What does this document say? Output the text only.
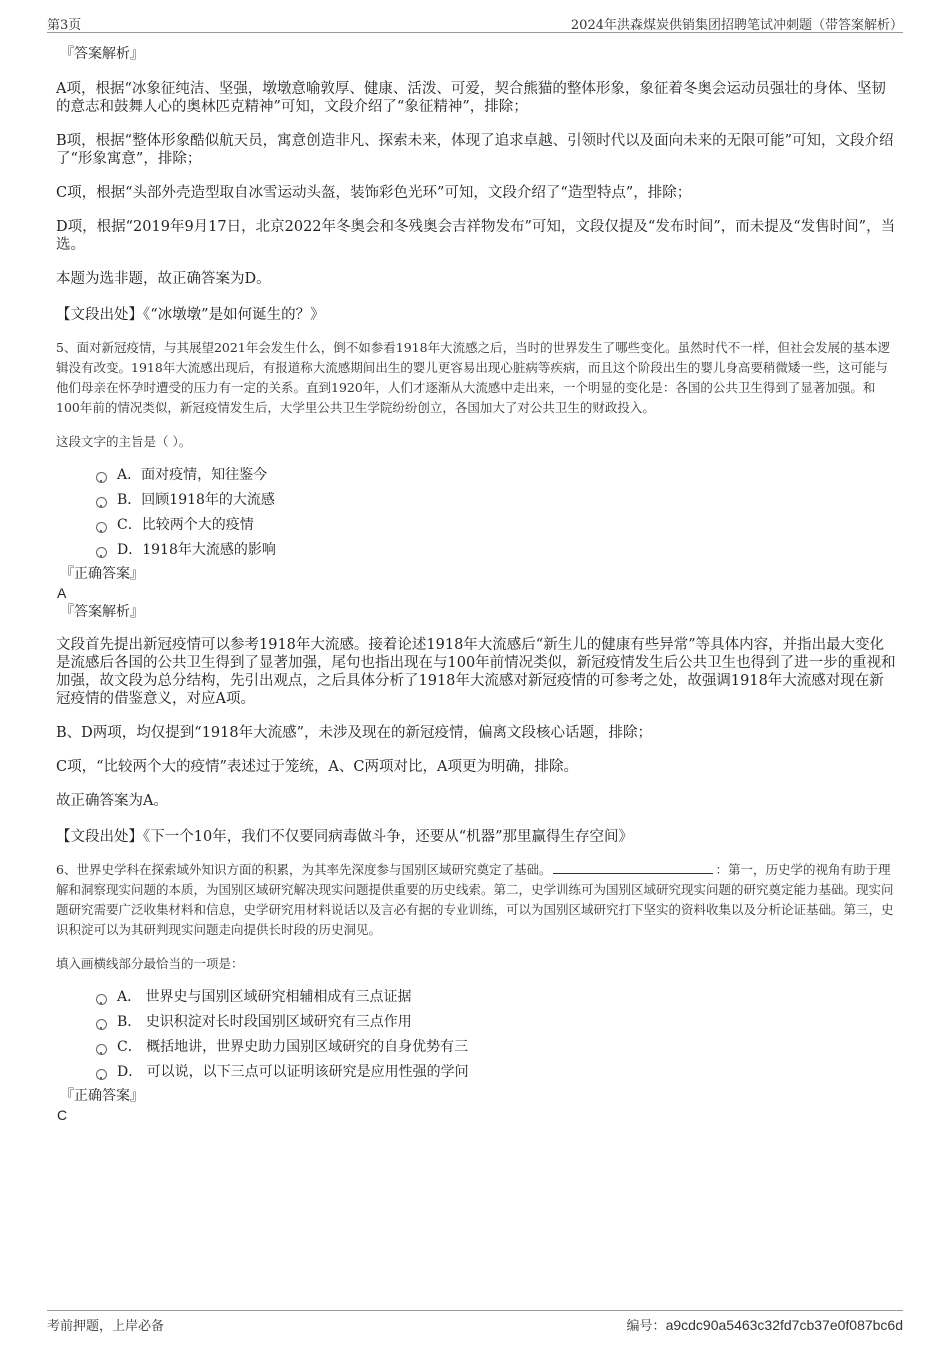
第3页	2024年洪森煤炭供销集团招聘笔试冲刺题（带答案解析）
『答案解析』

A项，根据“冰象征纯洁、坚强，墩墩意喻敦厚、健康、活泼、可爱，契合熊猫的整体形象，象征着冬奥会运动员强壮的身体、坚韧的意志和鼓舞人心的奥林匹克精神”可知，文段介绍了“象征精神”，排除；

B项，根据“整体形象酷似航天员，寓意创造非凡、探索未来，体现了追求卓越、引领时代以及面向未来的无限可能”可知，文段介绍了“形象寓意”，排除；

C项，根据“头部外壳造型取自冰雪运动头盔，装饰彩色光环”可知，文段介绍了“造型特点”，排除；

D项，根据“2019年9月17日，北京2022年冬奥会和冬残奥会吉祥物发布”可知，文段仅提及“发布时间”，而未提及“发售时间”，当选。

本题为选非题，故正确答案为D。

【文段出处】《“冰墩墩”是如何诞生的？》

5、面对新冠疫情，与其展望2021年会发生什么，倒不如参看1918年大流感之后，当时的世界发生了哪些变化。虽然时代不一样，但社会发展的基本逻辑没有改变。1918年大流感出现后，有报道称大流感期间出生的婴儿更容易出现心脏病等疾病，而且这个阶段出生的婴儿身高要稍微矮一些，这可能与他们母亲在怀孕时遭受的压力有一定的关系。直到1920年，人们才逐渐从大流感中走出来，一个明显的变化是：各国的公共卫生得到了显著加强。和100年前的情况类似，新冠疫情发生后，大学里公共卫生学院纷纷创立，各国加大了对公共卫生的财政投入。

这段文字的主旨是（ ）。

A．面对疫情，知往鉴今
B．回顾1918年的大流感
C．比较两个大的疫情
D．1918年大流感的影响
『正确答案』
A
『答案解析』

文段首先提出新冠疫情可以参考1918年大流感。接着论述1918年大流感后“新生儿的健康有些异常”等具体内容，并指出最大变化是流感后各国的公共卫生得到了显著加强，尾句也指出现在与100年前情况类似，新冠疫情发生后公共卫生也得到了进一步的重视和加强，故文段为总分结构，先引出观点，之后具体分析了1918年大流感对新冠疫情的可参考之处，故强调1918年大流感对现在新冠疫情的借鉴意义，对应A项。

B、D两项，均仅提到“1918年大流感”，未涉及现在的新冠疫情，偏离文段核心话题，排除；

C项，“比较两个大的疫情”表述过于笼统，A、C两项对比，A项更为明确，排除。

故正确答案为A。

【文段出处】《下一个10年，我们不仅要同病毒做斗争，还要从“机器”那里赢得生存空间》

6、世界史学科在探索域外知识方面的积累，为其率先深度参与国别区域研究奠定了基础。	：第一，历史学的视角有助于理解和洞察现实问题的本质，为国别区域研究解决现实问题提供重要的历史线索。第二，史学训练可为国别区域研究现实问题的研究奠定能力基础。现实问题研究需要广泛收集材料和信息，史学研究用材料说话以及言必有据的专业训练，可以为国别区域研究打下坚实的资料收集以及分析论证基础。第三，史识积淀可以为其研判现实问题走向提供长时段的历史洞见。

填入画横线部分最恰当的一项是：

A． 世界史与国别区域研究相辅相成有三点证据
B． 史识积淀对长时段国别区域研究有三点作用
C． 概括地讲，世界史助力国别区域研究的自身优势有三
D． 可以说，以下三点可以证明该研究是应用性强的学问
『正确答案』
C
考前押题，上岸必备	编号：a9cdc90a5463c32fd7cb37e0f087bc6d
